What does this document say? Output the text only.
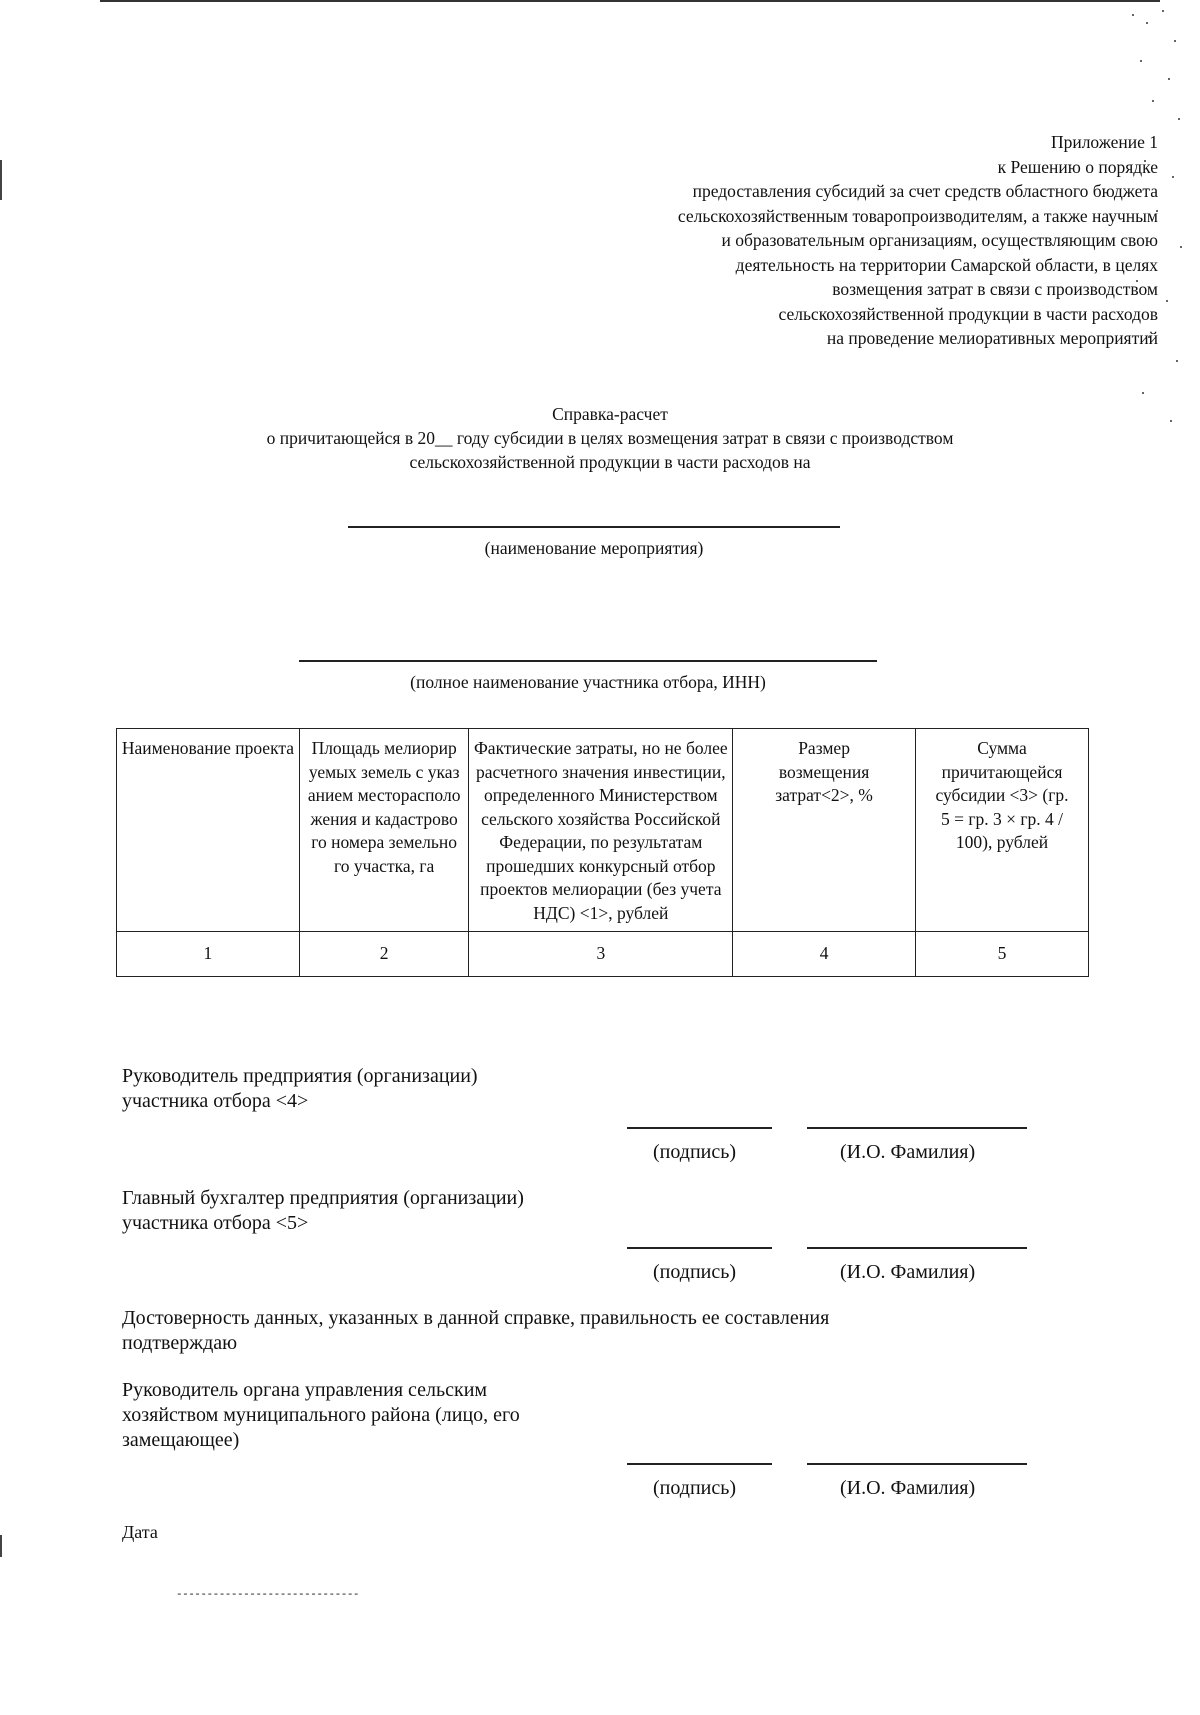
Приложение 1
к Решению о порядке
предоставления субсидий за счет средств областного бюджета
сельскохозяйственным товаропроизводителям, а также научным
и образовательным организациям, осуществляющим свою
деятельность на территории Самарской области, в целях
возмещения затрат в связи с производством
сельскохозяйственной продукции в части расходов
на проведение мелиоративных мероприятий
Справка-расчет
о причитающейся в 20__ году субсидии в целях возмещения затрат в связи с производством
сельскохозяйственной продукции в части расходов на
(наименование мероприятия)
(полное наименование участника отбора, ИНН)
Наименование проекта	Площадь мелиорируемых земель с указанием месторасположения и кадастрового номера земельного участка, га	Фактические затраты, но не более расчетного значения инвестиции, определенного Министерством сельского хозяйства Российской Федерации, по результатам прошедших конкурсный отбор проектов мелиорации (без учета НДС) <1>, рублей	Размер возмещения затрат<2>, %	Сумма причитающейся субсидии <3> (гр. 5 = гр. 3 × гр. 4 / 100), рублей
1	2	3	4	5
Руководитель предприятия (организации)
участника отбора <4>
(подпись)	(И.О. Фамилия)
Главный бухгалтер предприятия (организации)
участника отбора <5>
(подпись)	(И.О. Фамилия)
Достоверность данных, указанных в данной справке, правильность ее составления
подтверждаю
Руководитель органа управления сельским
хозяйством муниципального района (лицо, его
замещающее)
(подпись)	(И.О. Фамилия)
Дата
------------------------------
